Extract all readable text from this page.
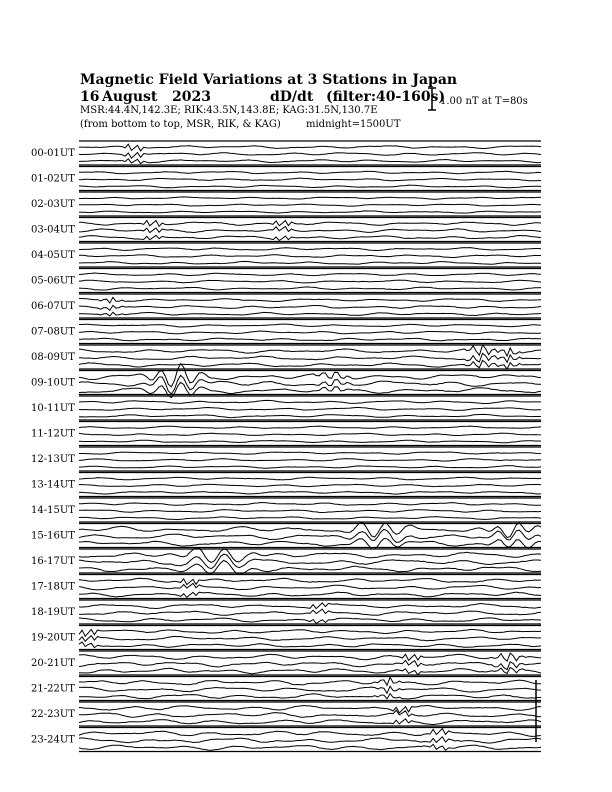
Magnetic Field Variations at 3 Stations in Japan
16 August 2023	dD/dt (filter:40-160s)
MSR:44.4N,142.3E; RIK:43.5N,143.8E; KAG:31.5N,130.7E
(from bottom to top, MSR, RIK, & KAG)	midnight=1500UT
1.00 nT at T=80s
00-01UT
01-02UT
02-03UT
03-04UT
04-05UT
05-06UT
06-07UT
07-08UT
08-09UT
09-10UT
10-11UT
11-12UT
12-13UT
13-14UT
14-15UT
15-16UT
16-17UT
17-18UT
18-19UT
19-20UT
20-21UT
21-22UT
22-23UT
23-24UT
